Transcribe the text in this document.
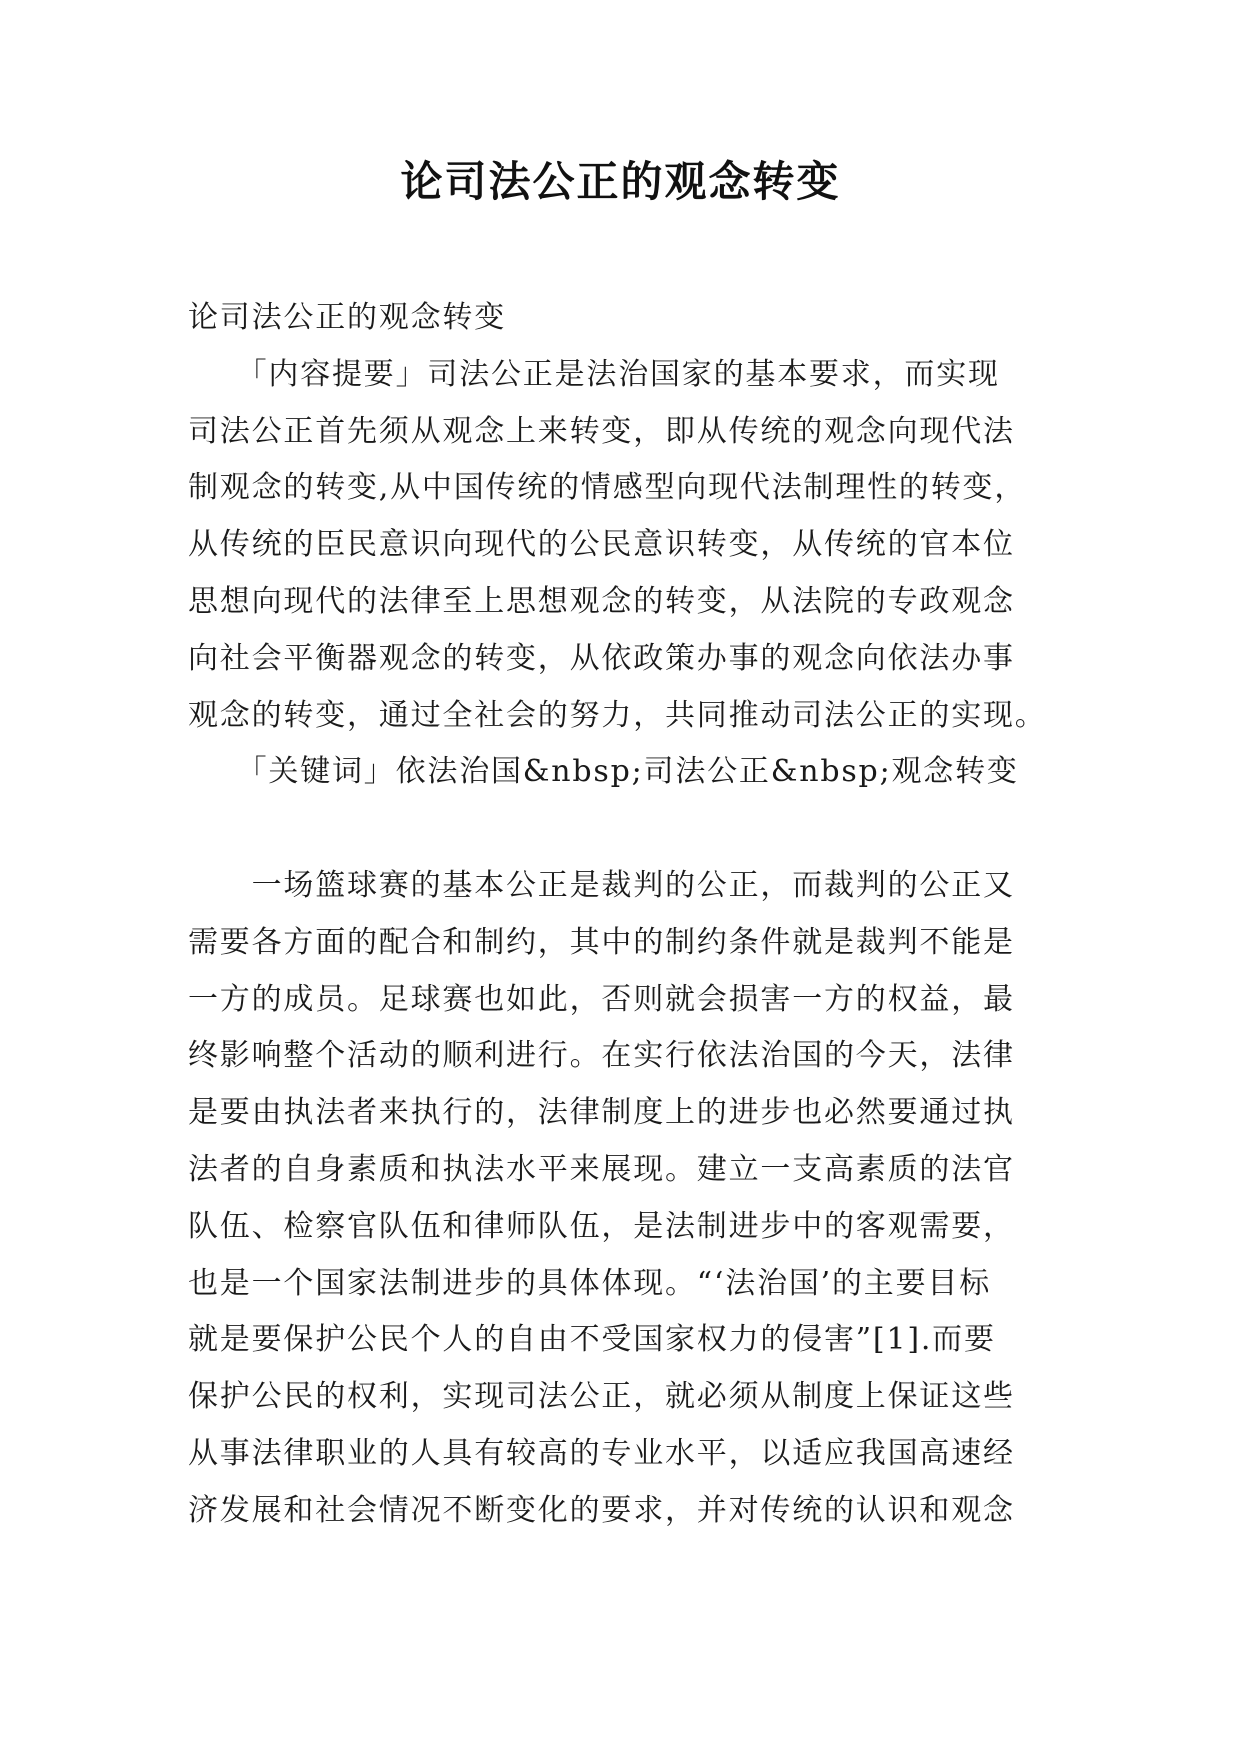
论司法公正的观念转变
论司法公正的观念转变
　　「内容提要」司法公正是法治国家的基本要求，而实现
司法公正首先须从观念上来转变，即从传统的观念向现代法
制观念的转变,从中国传统的情感型向现代法制理性的转变，
从传统的臣民意识向现代的公民意识转变，从传统的官本位
思想向现代的法律至上思想观念的转变，从法院的专政观念
向社会平衡器观念的转变，从依政策办事的观念向依法办事
观念的转变，通过全社会的努力，共同推动司法公正的实现。
　　「关键词」依法治国&nbsp;司法公正&nbsp;观念转变
　　一场篮球赛的基本公正是裁判的公正，而裁判的公正又
需要各方面的配合和制约，其中的制约条件就是裁判不能是
一方的成员。足球赛也如此，否则就会损害一方的权益，最
终影响整个活动的顺利进行。在实行依法治国的今天，法律
是要由执法者来执行的，法律制度上的进步也必然要通过执
法者的自身素质和执法水平来展现。建立一支高素质的法官
队伍、检察官队伍和律师队伍，是法制进步中的客观需要，
也是一个国家法制进步的具体体现。“‘法治国’的主要目标
就是要保护公民个人的自由不受国家权力的侵害”[1].而要
保护公民的权利，实现司法公正，就必须从制度上保证这些
从事法律职业的人具有较高的专业水平，以适应我国高速经
济发展和社会情况不断变化的要求，并对传统的认识和观念
